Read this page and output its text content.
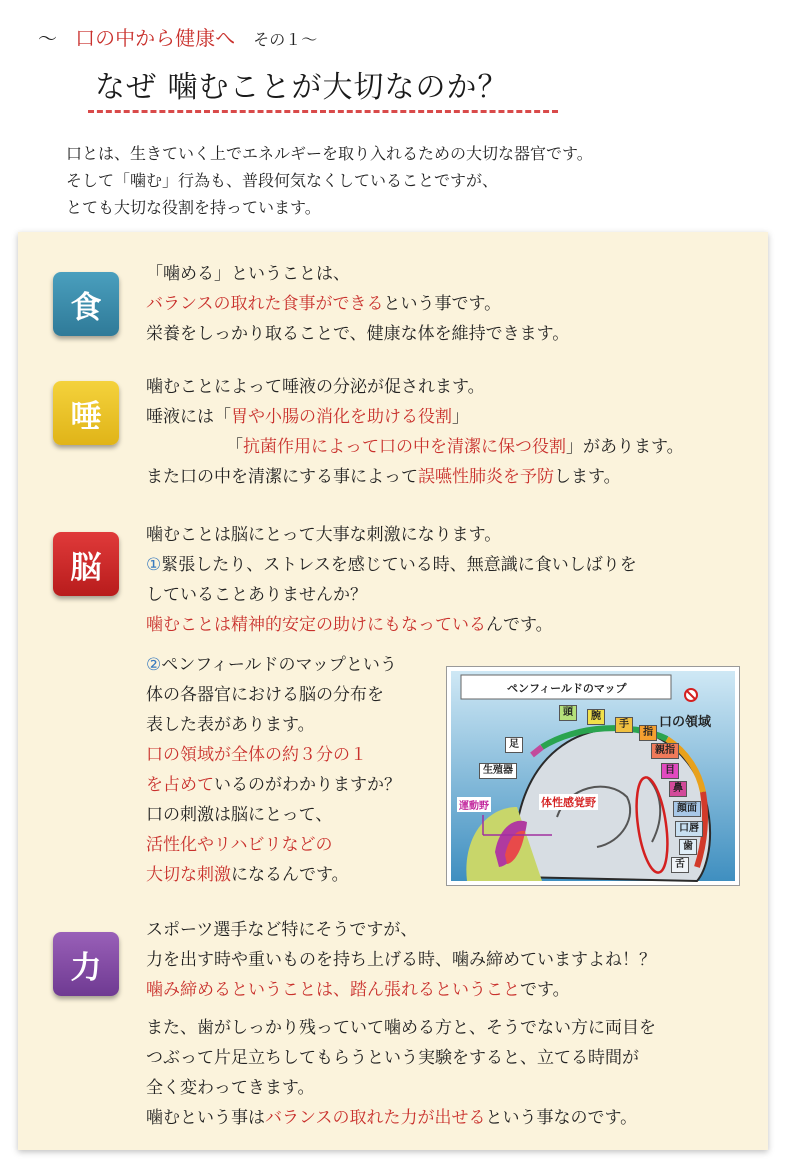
〜 口の中から健康へ その１〜
なぜ 噛むことが大切なのか？
口とは、生きていく上でエネルギーを取り入れるための大切な器官です。
そして「噛む」行為も、普段何気なくしていることですが、
とても大切な役割を持っています。
食
「噛める」ということは、
バランスの取れた食事ができるという事です。
栄養をしっかり取ることで、健康な体を維持できます。
唾
噛むことによって唾液の分泌が促されます。
唾液には「胃や小腸の消化を助ける役割」
「抗菌作用によって口の中を清潔に保つ役割」があります。
また口の中を清潔にする事によって誤嚥性肺炎を予防します。
脳
噛むことは脳にとって大事な刺激になります。
①緊張したり、ストレスを感じている時、無意識に食いしばりを
していることありませんか？
噛むことは精神的安定の助けにもなっているんです。
②ペンフィールドのマップという
体の各器官における脳の分布を
表した表があります。
口の領域が全体の約３分の１
を占めているのがわかりますか？
口の刺激は脳にとって、
活性化やリハビリなどの
大切な刺激になるんです。
ペンフィールドのマップ
口の領域
運動野	体性感覚野
頭	腕
手
指
足
生殖器
親指
目
鼻
顔面
口唇
歯
舌
力
スポーツ選手など特にそうですが、
力を出す時や重いものを持ち上げる時、噛み締めていますよね！？
噛み締めるということは、踏ん張れるということです。
また、歯がしっかり残っていて噛める方と、そうでない方に両目を
つぶって片足立ちしてもらうという実験をすると、立てる時間が
全く変わってきます。
噛むという事はバランスの取れた力が出せるという事なのです。
